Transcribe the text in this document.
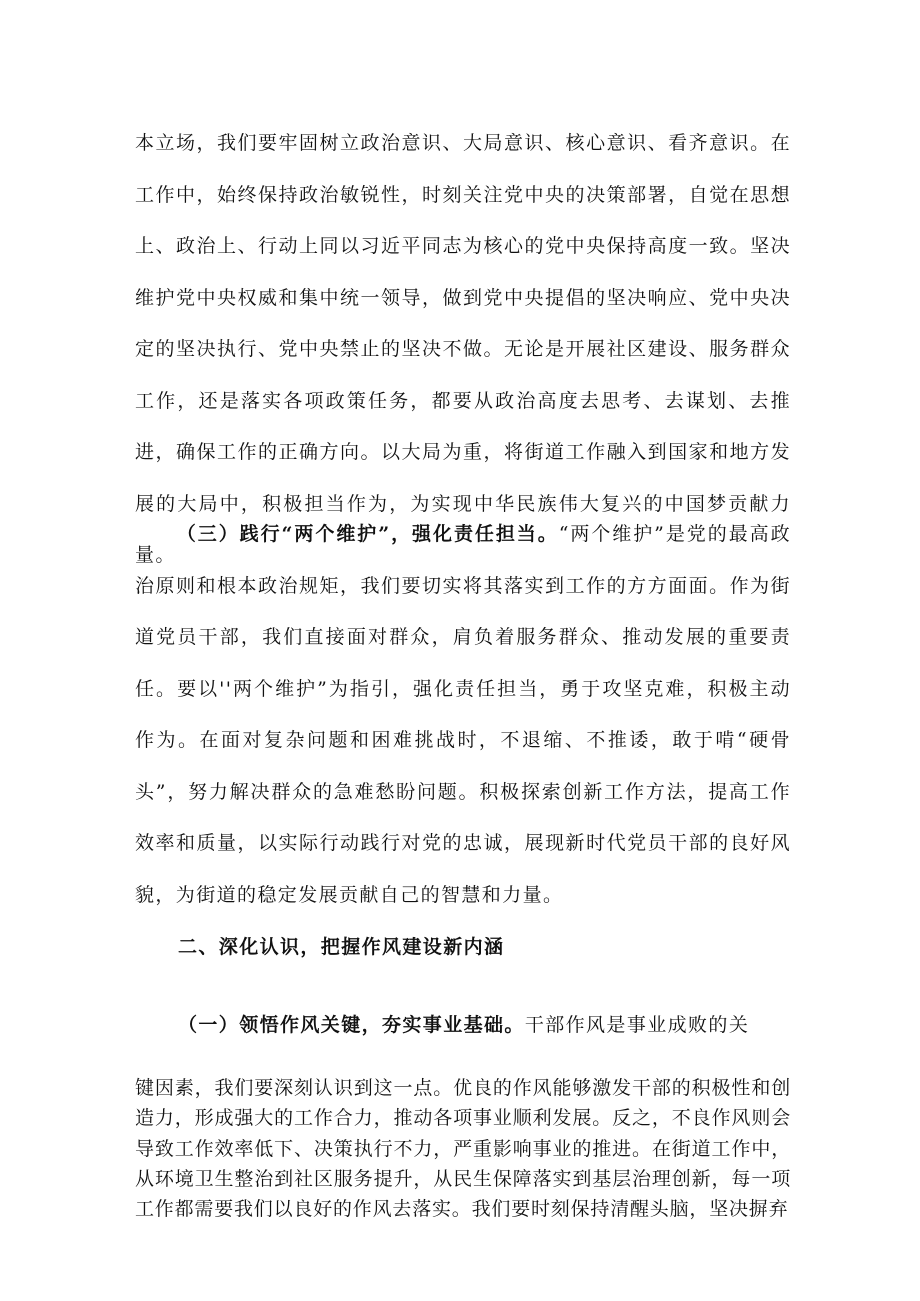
本立场，我们要牢固树立政治意识、大局意识、核心意识、看齐意识。在工作中，始终保持政治敏锐性，时刻关注党中央的决策部署，自觉在思想上、政治上、行动上同以习近平同志为核心的党中央保持高度一致。坚决维护党中央权威和集中统一领导，做到党中央提倡的坚决响应、党中央决定的坚决执行、党中央禁止的坚决不做。无论是开展社区建设、服务群众工作，还是落实各项政策任务，都要从政治高度去思考、去谋划、去推进，确保工作的正确方向。以大局为重，将街道工作融入到国家和地方发展的大局中，积极担当作为，为实现中华民族伟大复兴的中国梦贡献力量。

（三）践行“两个维护”，强化责任担当。“两个维护”是党的最高政治原则和根本政治规矩，我们要切实将其落实到工作的方方面面。作为街道党员干部，我们直接面对群众，肩负着服务群众、推动发展的重要责任。要以''两个维护”为指引，强化责任担当，勇于攻坚克难，积极主动作为。在面对复杂问题和困难挑战时，不退缩、不推诿，敢于啃“硬骨头”，努力解决群众的急难愁盼问题。积极探索创新工作方法，提高工作效率和质量，以实际行动践行对党的忠诚，展现新时代党员干部的良好风貌，为街道的稳定发展贡献自己的智慧和力量。

二、深化认识，把握作风建设新内涵

（一）领悟作风关键，夯实事业基础。干部作风是事业成败的关

键因素，我们要深刻认识到这一点。优良的作风能够激发干部的积极性和创造力，形成强大的工作合力，推动各项事业顺利发展。反之，不良作风则会导致工作效率低下、决策执行不力，严重影响事业的推进。在街道工作中，从环境卫生整治到社区服务提升，从民生保障落实到基层治理创新，每一项工作都需要我们以良好的作风去落实。我们要时刻保持清醒头脑，坚决摒弃
